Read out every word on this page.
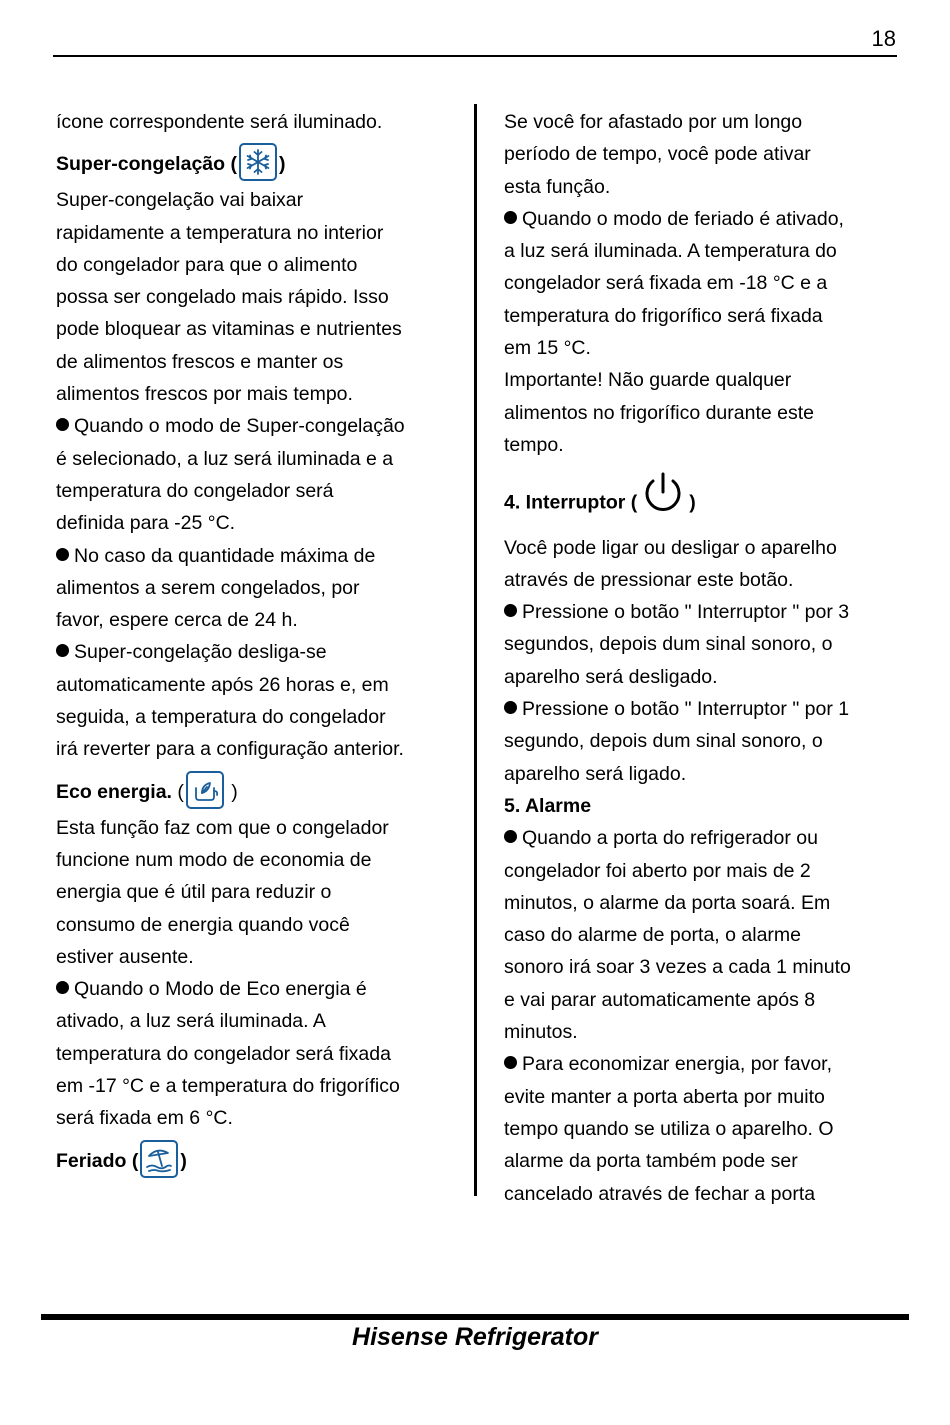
18

ícone correspondente será iluminado.

Super-congelação ( )

Super-congelação vai baixar

rapidamente a temperatura no interior

do congelador para que o alimento

possa ser congelado mais rápido. Isso

pode bloquear as vitaminas e nutrientes

de alimentos frescos e manter os

alimentos frescos por mais tempo.

Quando o modo de Super-congelação

é selecionado, a luz será iluminada e a

temperatura do congelador será

definida para -25 °C.

No caso da quantidade máxima de

alimentos a serem congelados, por

favor, espere cerca de 24 h.

Super-congelação desliga-se

automaticamente após 26 horas e, em

seguida, a temperatura do congelador

irá reverter para a configuração anterior.

Eco energia. (
)

Esta função faz com que o congelador

funcione num modo de economia de

energia que é útil para reduzir o

consumo de energia quando você

estiver ausente.

Quando o Modo de Eco energia é

ativado, a luz será iluminada. A

temperatura do congelador será fixada

em -17 °C e a temperatura do frigorífico

será fixada em 6 °C.

Feriado ( )

Se você for afastado por um longo

período de tempo, você pode ativar

esta função.

Quando o modo de feriado é ativado,

a luz será iluminada. A temperatura do

congelador será fixada em -18 °C e a

temperatura do frigorífico será fixada

em 15 °C.

Importante! Não guarde qualquer

alimentos no frigorífico durante este

tempo.

4. Interruptor (	)

Você pode ligar ou desligar o aparelho

através de pressionar este botão.

Pressione o botão " Interruptor " por 3

segundos, depois dum sinal sonoro, o

aparelho será desligado.

Pressione o botão " Interruptor " por 1

segundo, depois dum sinal sonoro, o

aparelho será ligado.

5. Alarme

Quando a porta do refrigerador ou

congelador foi aberto por mais de 2

minutos, o alarme da porta soará. Em

caso do alarme de porta, o alarme

sonoro irá soar 3 vezes a cada 1 minuto

e vai parar automaticamente após 8

minutos.

Para economizar energia, por favor,

evite manter a porta aberta por muito

tempo quando se utiliza o aparelho. O

alarme da porta também pode ser

cancelado através de fechar a porta

Hisense Refrigerator
